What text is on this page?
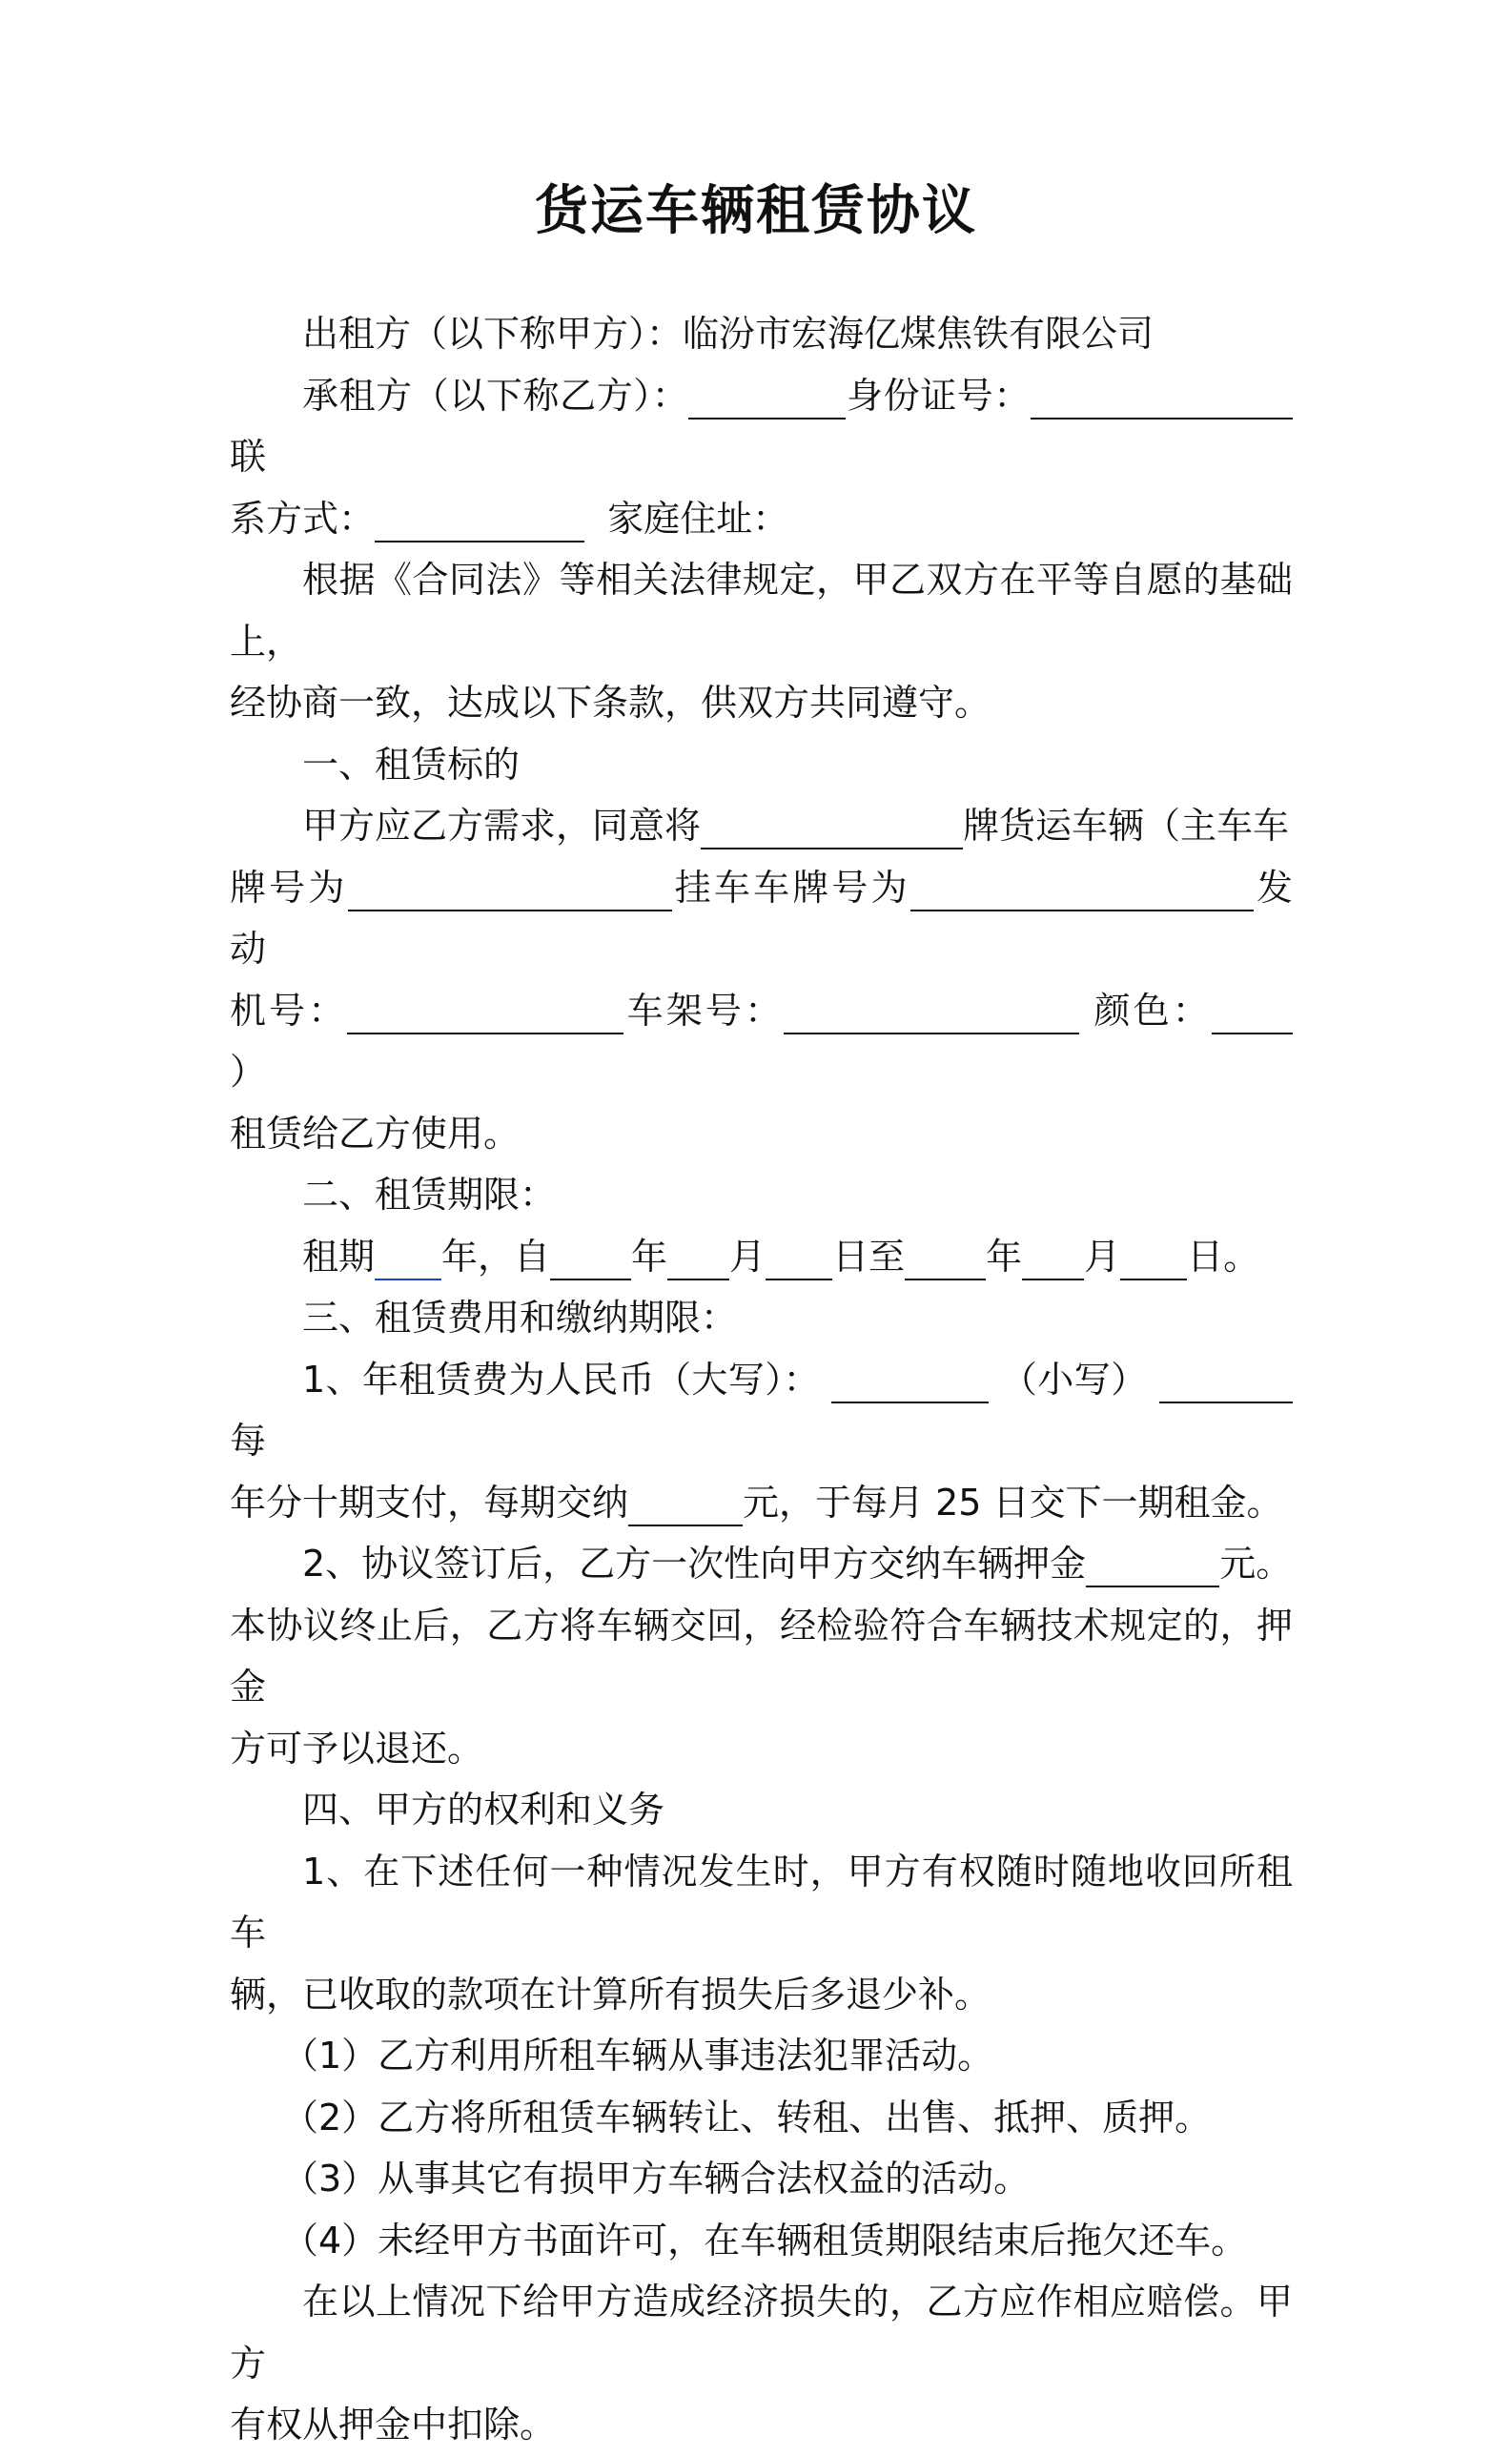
货运车辆租赁协议

出租方（以下称甲方）：临汾市宏海亿煤焦铁有限公司

承租方（以下称乙方）：	身份证号：联

系方式：	家庭住址：

根据《合同法》等相关法律规定，甲乙双方在平等自愿的基础上，

经协商一致，达成以下条款，供双方共同遵守。

一、租赁标的

甲方应乙方需求，同意将	牌货运车辆（主车车

牌号为	挂车车牌号为	发动

机号：	车架号：	颜色：）

租赁给乙方使用。

二、租赁期限：

租期 年，自 年 月 日至 年 月 日。

三、租赁费用和缴纳期限：

1、年租赁费为人民币（大写）：	（小写） 每

年分十期支付，每期交纳	元，于每月 25 日交下一期租金。

2、协议签订后，乙方一次性向甲方交纳车辆押金	元。

本协议终止后，乙方将车辆交回，经检验符合车辆技术规定的，押金

方可予以退还。

四、甲方的权利和义务

1、在下述任何一种情况发生时，甲方有权随时随地收回所租车

辆，已收取的款项在计算所有损失后多退少补。

（1）乙方利用所租车辆从事违法犯罪活动。

（2）乙方将所租赁车辆转让、转租、出售、抵押、质押。

（3）从事其它有损甲方车辆合法权益的活动。

（4）未经甲方书面许可，在车辆租赁期限结束后拖欠还车。

在以上情况下给甲方造成经济损失的，乙方应作相应赔偿。甲方

有权从押金中扣除。
